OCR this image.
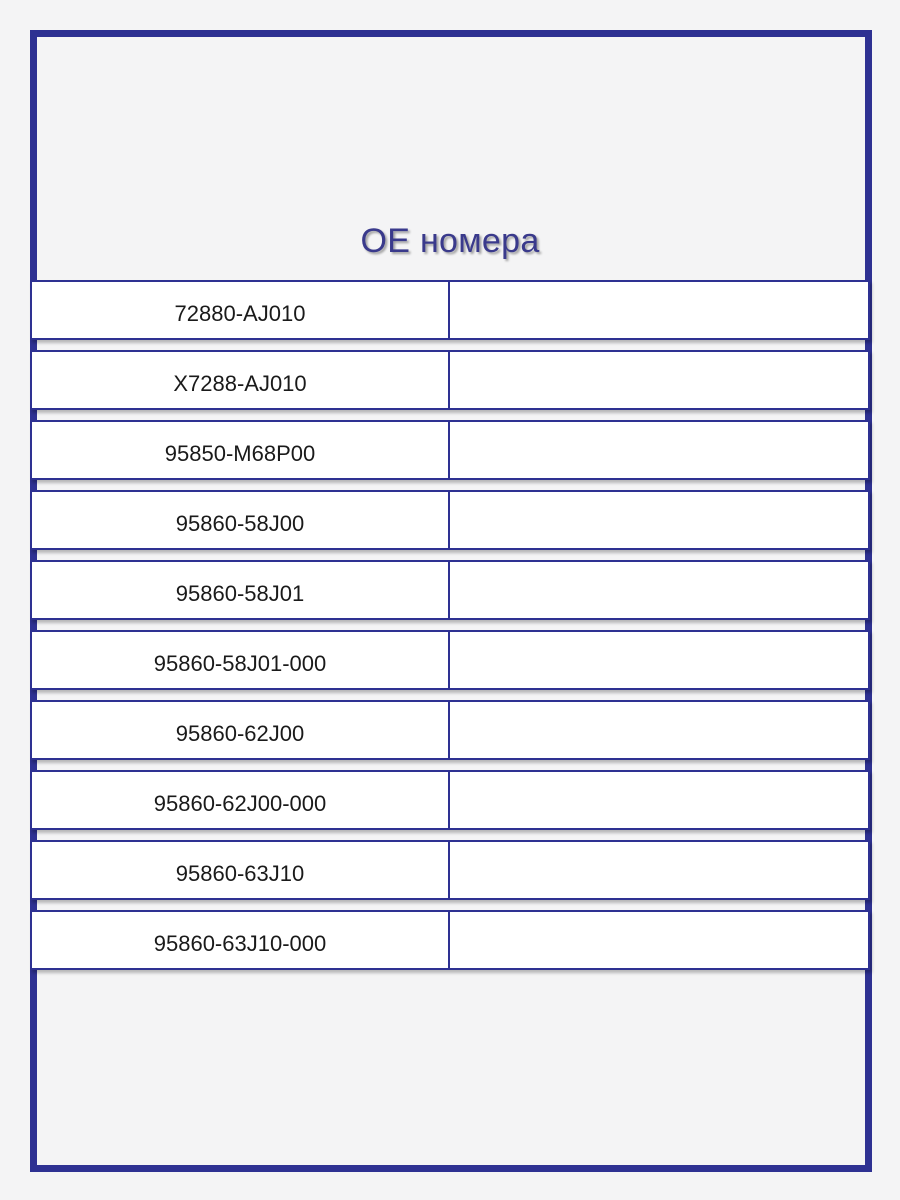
ОЕ номера
72880-AJ010
X7288-AJ010
95850-M68P00
95860-58J00
95860-58J01
95860-58J01-000
95860-62J00
95860-62J00-000
95860-63J10
95860-63J10-000
